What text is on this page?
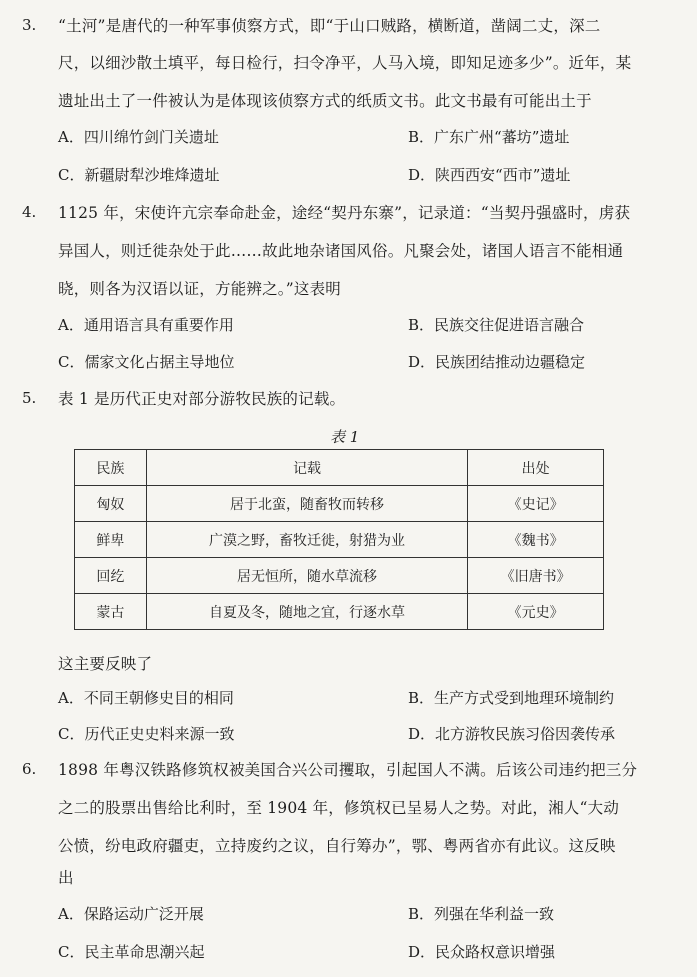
3. “土河”是唐代的一种军事侦察方式，即“于山口贼路，横断道，凿阔二丈，深二
尺，以细沙散土填平，每日检行，扫令净平，人马入境，即知足迹多少”。近年，某
遗址出土了一件被认为是体现该侦察方式的纸质文书。此文书最有可能出土于
A．四川绵竹剑门关遗址	B．广东广州“蕃坊”遗址
C．新疆尉犁沙堆烽遗址	D．陕西西安“西市”遗址
4. 1125 年，宋使许亢宗奉命赴金，途经“契丹东寨”，记录道：“当契丹强盛时，虏获
异国人，则迁徙杂处于此……故此地杂诸国风俗。凡聚会处，诸国人语言不能相通
晓，则各为汉语以证，方能辨之。”这表明
A．通用语言具有重要作用	B．民族交往促进语言融合
C．儒家文化占据主导地位	D．民族团结推动边疆稳定
5. 表 1 是历代正史对部分游牧民族的记载。
表 1
民族	记载	出处
匈奴	居于北蛮，随畜牧而转移	《史记》
鲜卑	广漠之野，畜牧迁徙，射猎为业	《魏书》
回纥	居无恒所，随水草流移	《旧唐书》
蒙古	自夏及冬，随地之宜，行逐水草	《元史》
这主要反映了
A．不同王朝修史目的相同	B．生产方式受到地理环境制约
C．历代正史史料来源一致	D．北方游牧民族习俗因袭传承
6. 1898 年粤汉铁路修筑权被美国合兴公司攫取，引起国人不满。后该公司违约把三分
之二的股票出售给比利时，至 1904 年，修筑权已呈易人之势。对此，湘人“大动
公愤，纷电政府疆吏，立持废约之议，自行筹办”，鄂、粤两省亦有此议。这反映
出
A．保路运动广泛开展	B．列强在华利益一致
C．民主革命思潮兴起	D．民众路权意识增强
